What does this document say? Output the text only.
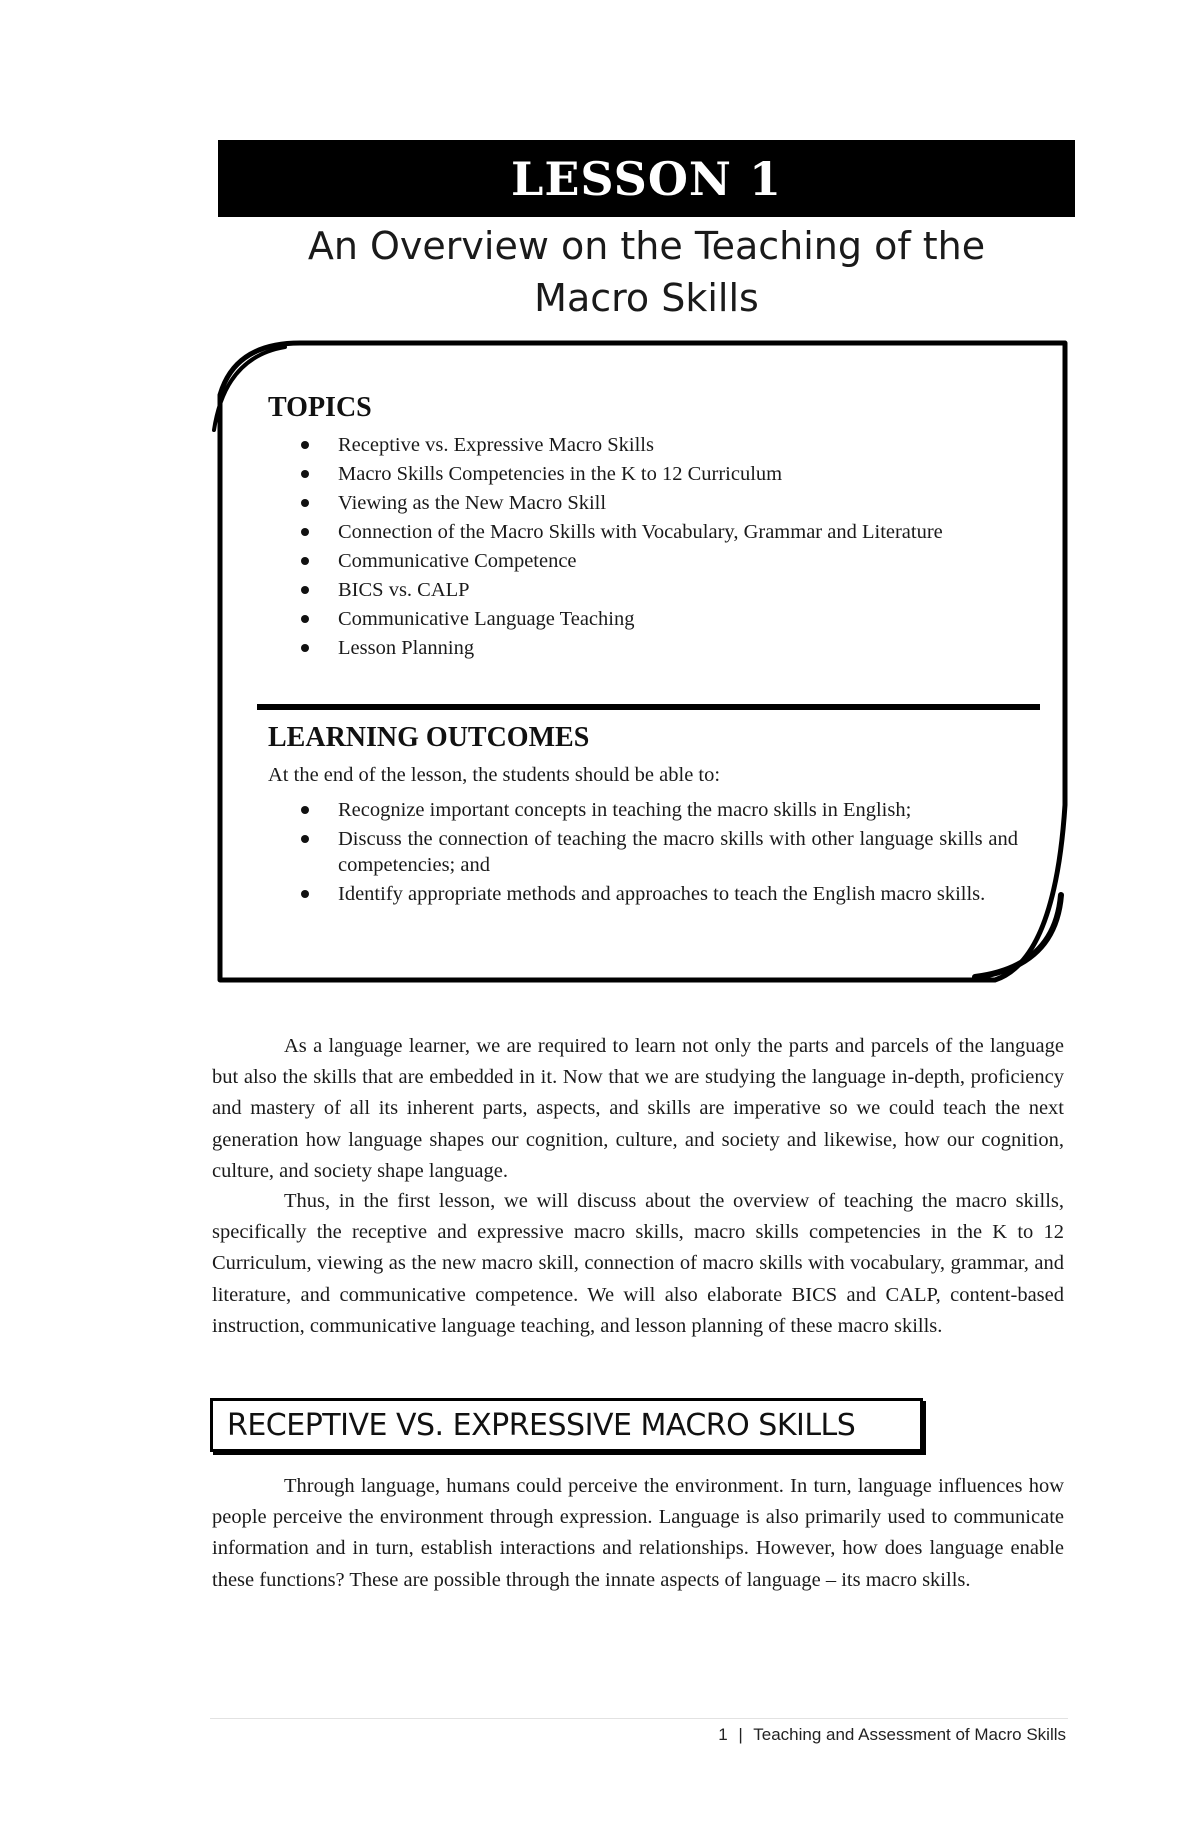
LESSON 1
An Overview on the Teaching of the
Macro Skills
TOPICS
Receptive vs. Expressive Macro Skills
Macro Skills Competencies in the K to 12 Curriculum
Viewing as the New Macro Skill
Connection of the Macro Skills with Vocabulary, Grammar and Literature
Communicative Competence
BICS vs. CALP
Communicative Language Teaching
Lesson Planning
LEARNING OUTCOMES

At the end of the lesson, the students should be able to:

Recognize important concepts in teaching the macro skills in English;
Discuss the connection of teaching the macro skills with other language skills and competencies; and
Identify appropriate methods and approaches to teach the English macro skills.

As a language learner, we are required to learn not only the parts and parcels of the language but also the skills that are embedded in it. Now that we are studying the language in-depth, proficiency and mastery of all its inherent parts, aspects, and skills are imperative so we could teach the next generation how language shapes our cognition, culture, and society and likewise, how our cognition, culture, and society shape language.

Thus, in the first lesson, we will discuss about the overview of teaching the macro skills, specifically the receptive and expressive macro skills, macro skills competencies in the K to 12 Curriculum, viewing as the new macro skill, connection of macro skills with vocabulary, grammar, and literature, and communicative competence. We will also elaborate BICS and CALP, content-based instruction, communicative language teaching, and lesson planning of these macro skills.

RECEPTIVE VS. EXPRESSIVE MACRO SKILLS

Through language, humans could perceive the environment. In turn, language influences how people perceive the environment through expression. Language is also primarily used to communicate information and in turn, establish interactions and relationships. However, how does language enable these functions? These are possible through the innate aspects of language – its macro skills.

1 | Teaching and Assessment of Macro Skills
